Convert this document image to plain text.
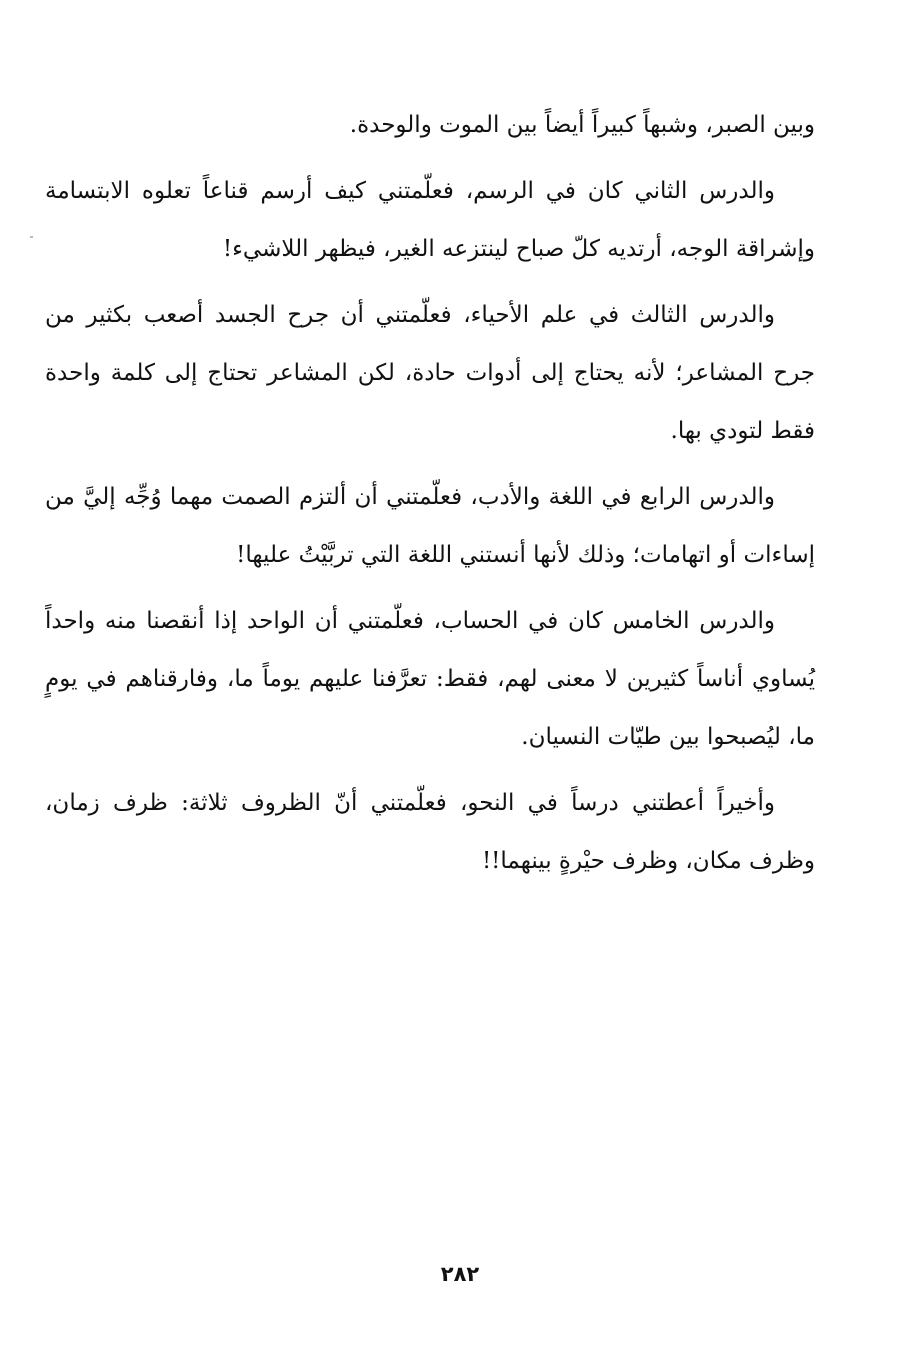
وبين الصبر، وشبهاً كبيراً أيضاً بين الموت والوحدة.

والدرس الثاني كان في الرسم، فعلّمتني كيف أرسم قناعاً تعلوه الابتسامة وإشراقة الوجه، أرتديه كلّ صباح لينتزعه الغير، فيظهر اللاشيء!

والدرس الثالث في علم الأحياء، فعلّمتني أن جرح الجسد أصعب بكثير من جرح المشاعر؛ لأنه يحتاج إلى أدوات حادة، لكن المشاعر تحتاج إلى كلمة واحدة فقط لتودي بها.

والدرس الرابع في اللغة والأدب، فعلّمتني أن ألتزم الصمت مهما وُجِّه إليَّ من إساءات أو اتهامات؛ وذلك لأنها أنستني اللغة التي تربَّيْتُ عليها!

والدرس الخامس كان في الحساب، فعلّمتني أن الواحد إذا أنقصنا منه واحداً يُساوي أناساً كثيرين لا معنى لهم، فقط: تعرَّفنا عليهم يوماً ما، وفارقناهم في يومٍ ما، ليُصبحوا بين طيّات النسيان.

وأخيراً أعطتني درساً في النحو، فعلّمتني أنّ الظروف ثلاثة: ظرف زمان، وظرف مكان، وظرف حيْرةٍ بينهما!!

٢٨٢
